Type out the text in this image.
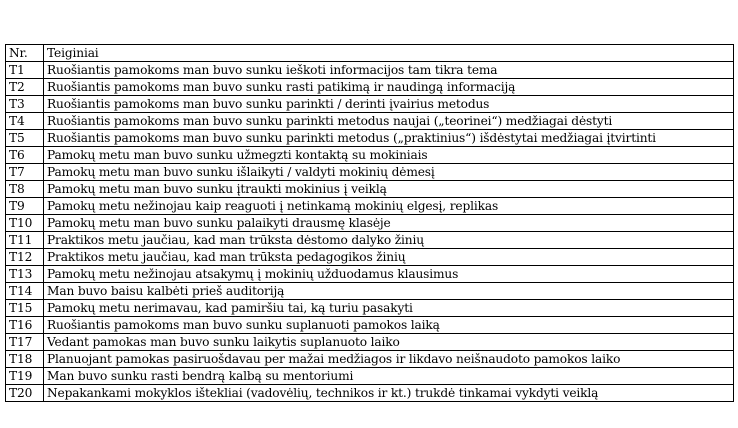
Nr.	Teiginiai
T1	Ruošiantis pamokoms man buvo sunku ieškoti informacijos tam tikra tema
T2	Ruošiantis pamokoms man buvo sunku rasti patikimą ir naudingą informaciją
T3	Ruošiantis pamokoms man buvo sunku parinkti / derinti įvairius metodus
T4	Ruošiantis pamokoms man buvo sunku parinkti metodus naujai („teorinei“) medžiagai dėstyti
T5	Ruošiantis pamokoms man buvo sunku parinkti metodus („praktinius“) išdėstytai medžiagai įtvirtinti
T6	Pamokų metu man buvo sunku užmegzti kontaktą su mokiniais
T7	Pamokų metu man buvo sunku išlaikyti / valdyti mokinių dėmesį
T8	Pamokų metu man buvo sunku įtraukti mokinius į veiklą
T9	Pamokų metu nežinojau kaip reaguoti į netinkamą mokinių elgesį, replikas
T10	Pamokų metu man buvo sunku palaikyti drausmę klasėje
T11	Praktikos metu jaučiau, kad man trūksta dėstomo dalyko žinių
T12	Praktikos metu jaučiau, kad man trūksta pedagogikos žinių
T13	Pamokų metu nežinojau atsakymų į mokinių užduodamus klausimus
T14	Man buvo baisu kalbėti prieš auditoriją
T15	Pamokų metu nerimavau, kad pamiršiu tai, ką turiu pasakyti
T16	Ruošiantis pamokoms man buvo sunku suplanuoti pamokos laiką
T17	Vedant pamokas man buvo sunku laikytis suplanuoto laiko
T18	Planuojant pamokas pasiruošdavau per mažai medžiagos ir likdavo neišnaudoto pamokos laiko
T19	Man buvo sunku rasti bendrą kalbą su mentoriumi
T20	Nepakankami mokyklos ištekliai (vadovėlių, technikos ir kt.) trukdė tinkamai vykdyti veiklą
